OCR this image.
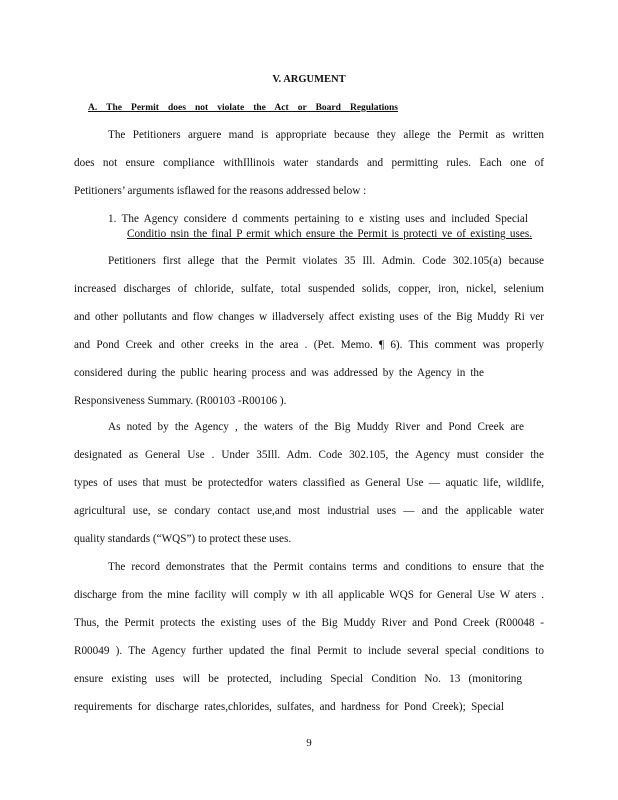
V. ARGUMENT
A. The Permit does not violate the Act or Board Regulations
The Petitioners arguere mand is appropriate because they allege the Permit as written
does not ensure compliance withIllinois water standards and permitting rules. Each one of
Petitioners’ arguments isflawed for the reasons addressed below :
1. The Agency considere d comments pertaining to e xisting uses and included Special
Conditio nsin the final P ermit which ensure the Permit is protecti ve of existing uses.
Petitioners first allege that the Permit violates 35 Ill. Admin. Code 302.105(a) because
increased discharges of chloride, sulfate, total suspended solids, copper, iron, nickel, selenium
and other pollutants and flow changes w illadversely affect existing uses of the Big Muddy Ri ver
and Pond Creek and other creeks in the area . (Pet. Memo. ¶ 6). This comment was properly
considered during the public hearing process and was addressed by the Agency in the
Responsiveness Summary. (R00103 -R00106 ).
As noted by the Agency , the waters of the Big Muddy River and Pond Creek are
designated as General Use . Under 35Ill. Adm. Code 302.105, the Agency must consider the
types of uses that must be protectedfor waters classified as General Use — aquatic life, wildlife,
agricultural use, se condary contact use,and most industrial uses — and the applicable water
quality standards (“WQS”) to protect these uses.
The record demonstrates that the Permit contains terms and conditions to ensure that the
discharge from the mine facility will comply w ith all applicable WQS for General Use W aters .
Thus, the Permit protects the existing uses of the Big Muddy River and Pond Creek (R00048 -
R00049 ). The Agency further updated the final Permit to include several special conditions to
ensure existing uses will be protected, including Special Condition No. 13 (monitoring
requirements for discharge rates,chlorides, sulfates, and hardness for Pond Creek); Special
9
